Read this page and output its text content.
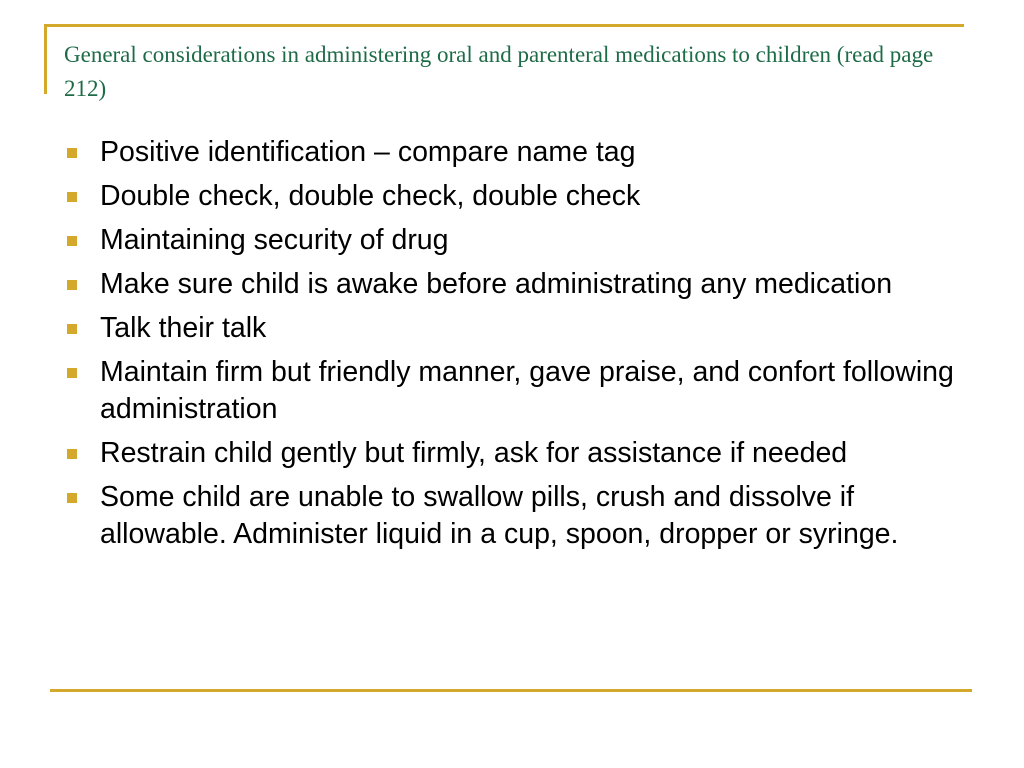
General considerations in administering oral and parenteral medications to children (read page 212)
Positive identification – compare name tag
Double check, double check, double check
Maintaining security of drug
Make sure child is awake before administrating any medication
Talk their talk
Maintain firm but friendly manner, gave praise, and confort following administration
Restrain child gently but firmly, ask for assistance if needed
Some child are unable to swallow pills, crush and dissolve if allowable. Administer liquid in a cup, spoon, dropper or syringe.
